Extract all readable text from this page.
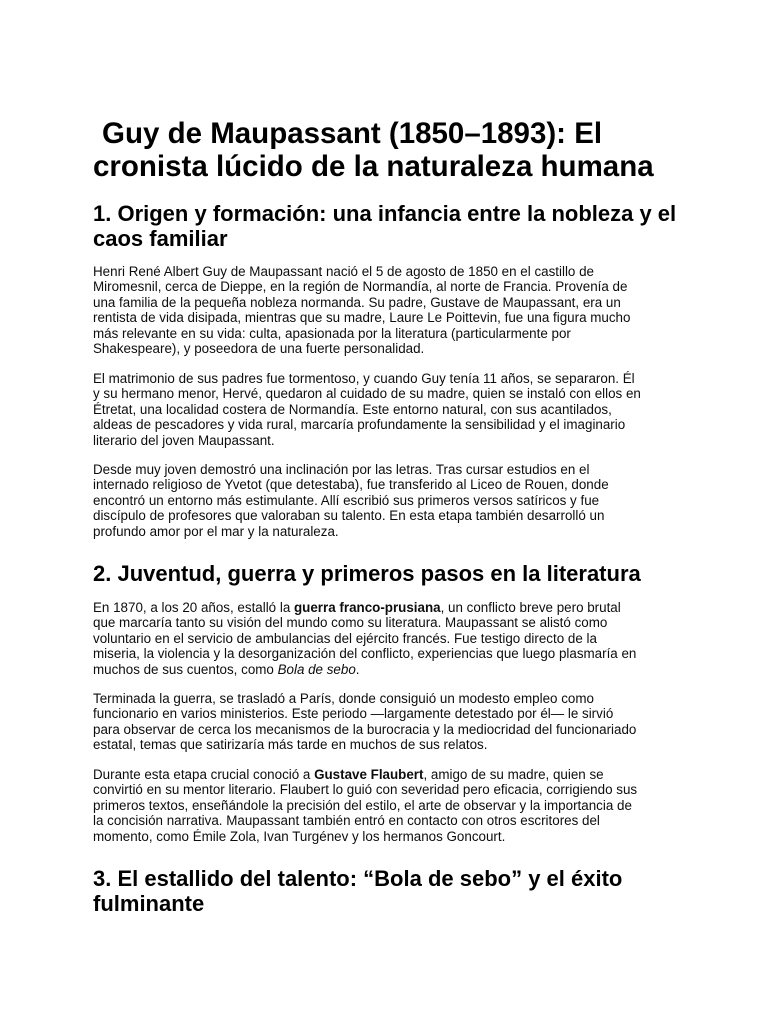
Guy de Maupassant (1850–1893): El
cronista lúcido de la naturaleza humana
1. Origen y formación: una infancia entre la nobleza y el
caos familiar

Henri René Albert Guy de Maupassant nació el 5 de agosto de 1850 en el castillo de
Miromesnil, cerca de Dieppe, en la región de Normandía, al norte de Francia. Provenía de
una familia de la pequeña nobleza normanda. Su padre, Gustave de Maupassant, era un
rentista de vida disipada, mientras que su madre, Laure Le Poittevin, fue una figura mucho
más relevante en su vida: culta, apasionada por la literatura (particularmente por
Shakespeare), y poseedora de una fuerte personalidad.

El matrimonio de sus padres fue tormentoso, y cuando Guy tenía 11 años, se separaron. Él
y su hermano menor, Hervé, quedaron al cuidado de su madre, quien se instaló con ellos en
Étretat, una localidad costera de Normandía. Este entorno natural, con sus acantilados,
aldeas de pescadores y vida rural, marcaría profundamente la sensibilidad y el imaginario
literario del joven Maupassant.

Desde muy joven demostró una inclinación por las letras. Tras cursar estudios en el
internado religioso de Yvetot (que detestaba), fue transferido al Liceo de Rouen, donde
encontró un entorno más estimulante. Allí escribió sus primeros versos satíricos y fue
discípulo de profesores que valoraban su talento. En esta etapa también desarrolló un
profundo amor por el mar y la naturaleza.

2. Juventud, guerra y primeros pasos en la literatura

En 1870, a los 20 años, estalló la guerra franco-prusiana, un conflicto breve pero brutal
que marcaría tanto su visión del mundo como su literatura. Maupassant se alistó como
voluntario en el servicio de ambulancias del ejército francés. Fue testigo directo de la
miseria, la violencia y la desorganización del conflicto, experiencias que luego plasmaría en
muchos de sus cuentos, como Bola de sebo.

Terminada la guerra, se trasladó a París, donde consiguió un modesto empleo como
funcionario en varios ministerios. Este periodo —largamente detestado por él— le sirvió
para observar de cerca los mecanismos de la burocracia y la mediocridad del funcionariado
estatal, temas que satirizaría más tarde en muchos de sus relatos.

Durante esta etapa crucial conoció a Gustave Flaubert, amigo de su madre, quien se
convirtió en su mentor literario. Flaubert lo guió con severidad pero eficacia, corrigiendo sus
primeros textos, enseñándole la precisión del estilo, el arte de observar y la importancia de
la concisión narrativa. Maupassant también entró en contacto con otros escritores del
momento, como Émile Zola, Ivan Turgénev y los hermanos Goncourt.

3. El estallido del talento: “Bola de sebo” y el éxito
fulminante
